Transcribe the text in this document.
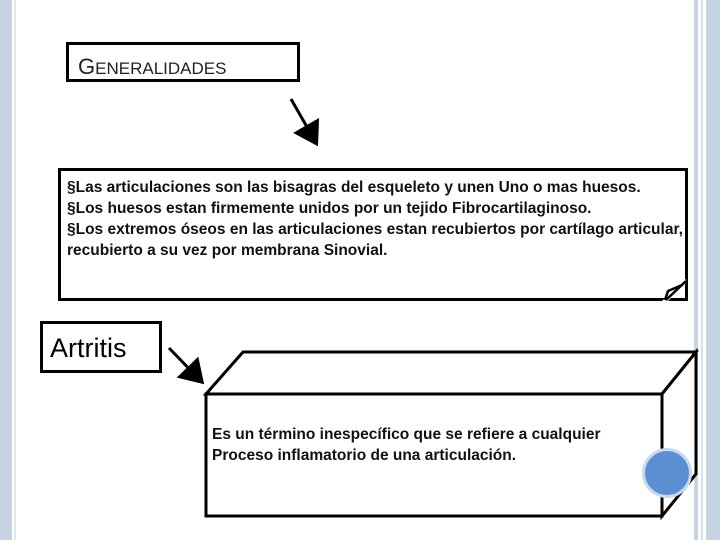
GENERALIDADES
§Las articulaciones son las bisagras del esqueleto y unen Uno o mas huesos.
§Los huesos estan firmemente unidos por un tejido Fibrocartilaginoso.
§Los extremos óseos en las articulaciones estan recubiertos por cartílago articular,
recubierto a su vez por membrana Sinovial.
Artritis
Es un término inespecífico que se refiere a cualquier Proceso inflamatorio de una articulación.
